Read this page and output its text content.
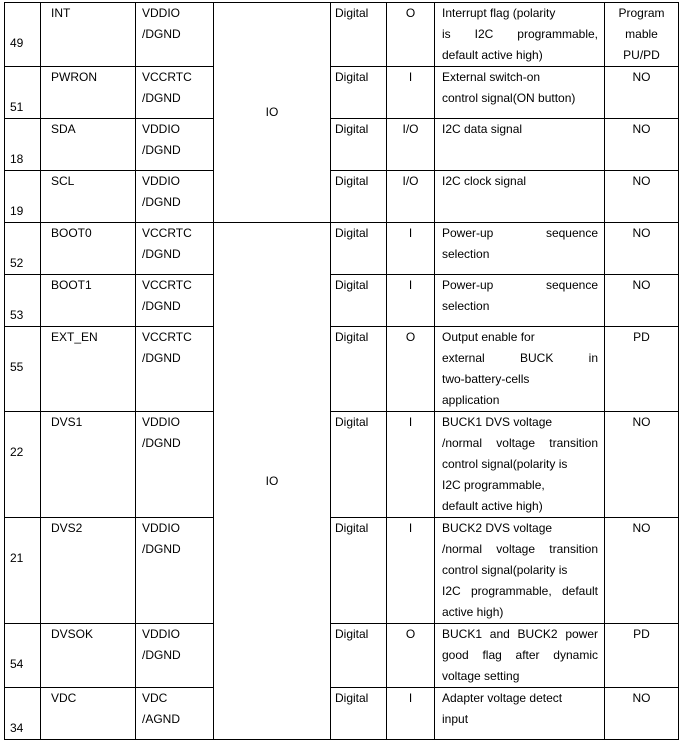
49	INT	VDDIO
/DGND	IO	Digital	O	Interrupt flag (polarity
is I2C programmable,
default active high)	Program
mable
PU/PD
51	PWRON	VCCRTC
/DGND		Digital	I	External switch-on
control signal(ON button)	NO
18	SDA	VDDIO
/DGND		Digital	I/O	I2C data signal	NO
19	SCL	VDDIO
/DGND		Digital	I/O	I2C clock signal	NO
52	BOOT0	VCCRTC
/DGND	IO	Digital	I	Power-up sequence
selection	NO
53	BOOT1	VCCRTC
/DGND		Digital	I	Power-up sequence
selection	NO
55	EXT_EN	VCCRTC
/DGND		Digital	O	Output enable for
external BUCK in
two-battery-cells
application	PD
22	DVS1	VDDIO
/DGND		Digital	I	BUCK1 DVS voltage
/normal voltage transition
control signal(polarity is
I2C programmable,
default active high)	NO
21	DVS2	VDDIO
/DGND		Digital	I	BUCK2 DVS voltage
/normal voltage transition
control signal(polarity is
I2C programmable, default
active high)	NO
54	DVSOK	VDDIO
/DGND		Digital	O	BUCK1 and BUCK2 power
good flag after dynamic
voltage setting	PD
34	VDC	VDC
/AGND		Digital	I	Adapter voltage detect
input	NO
